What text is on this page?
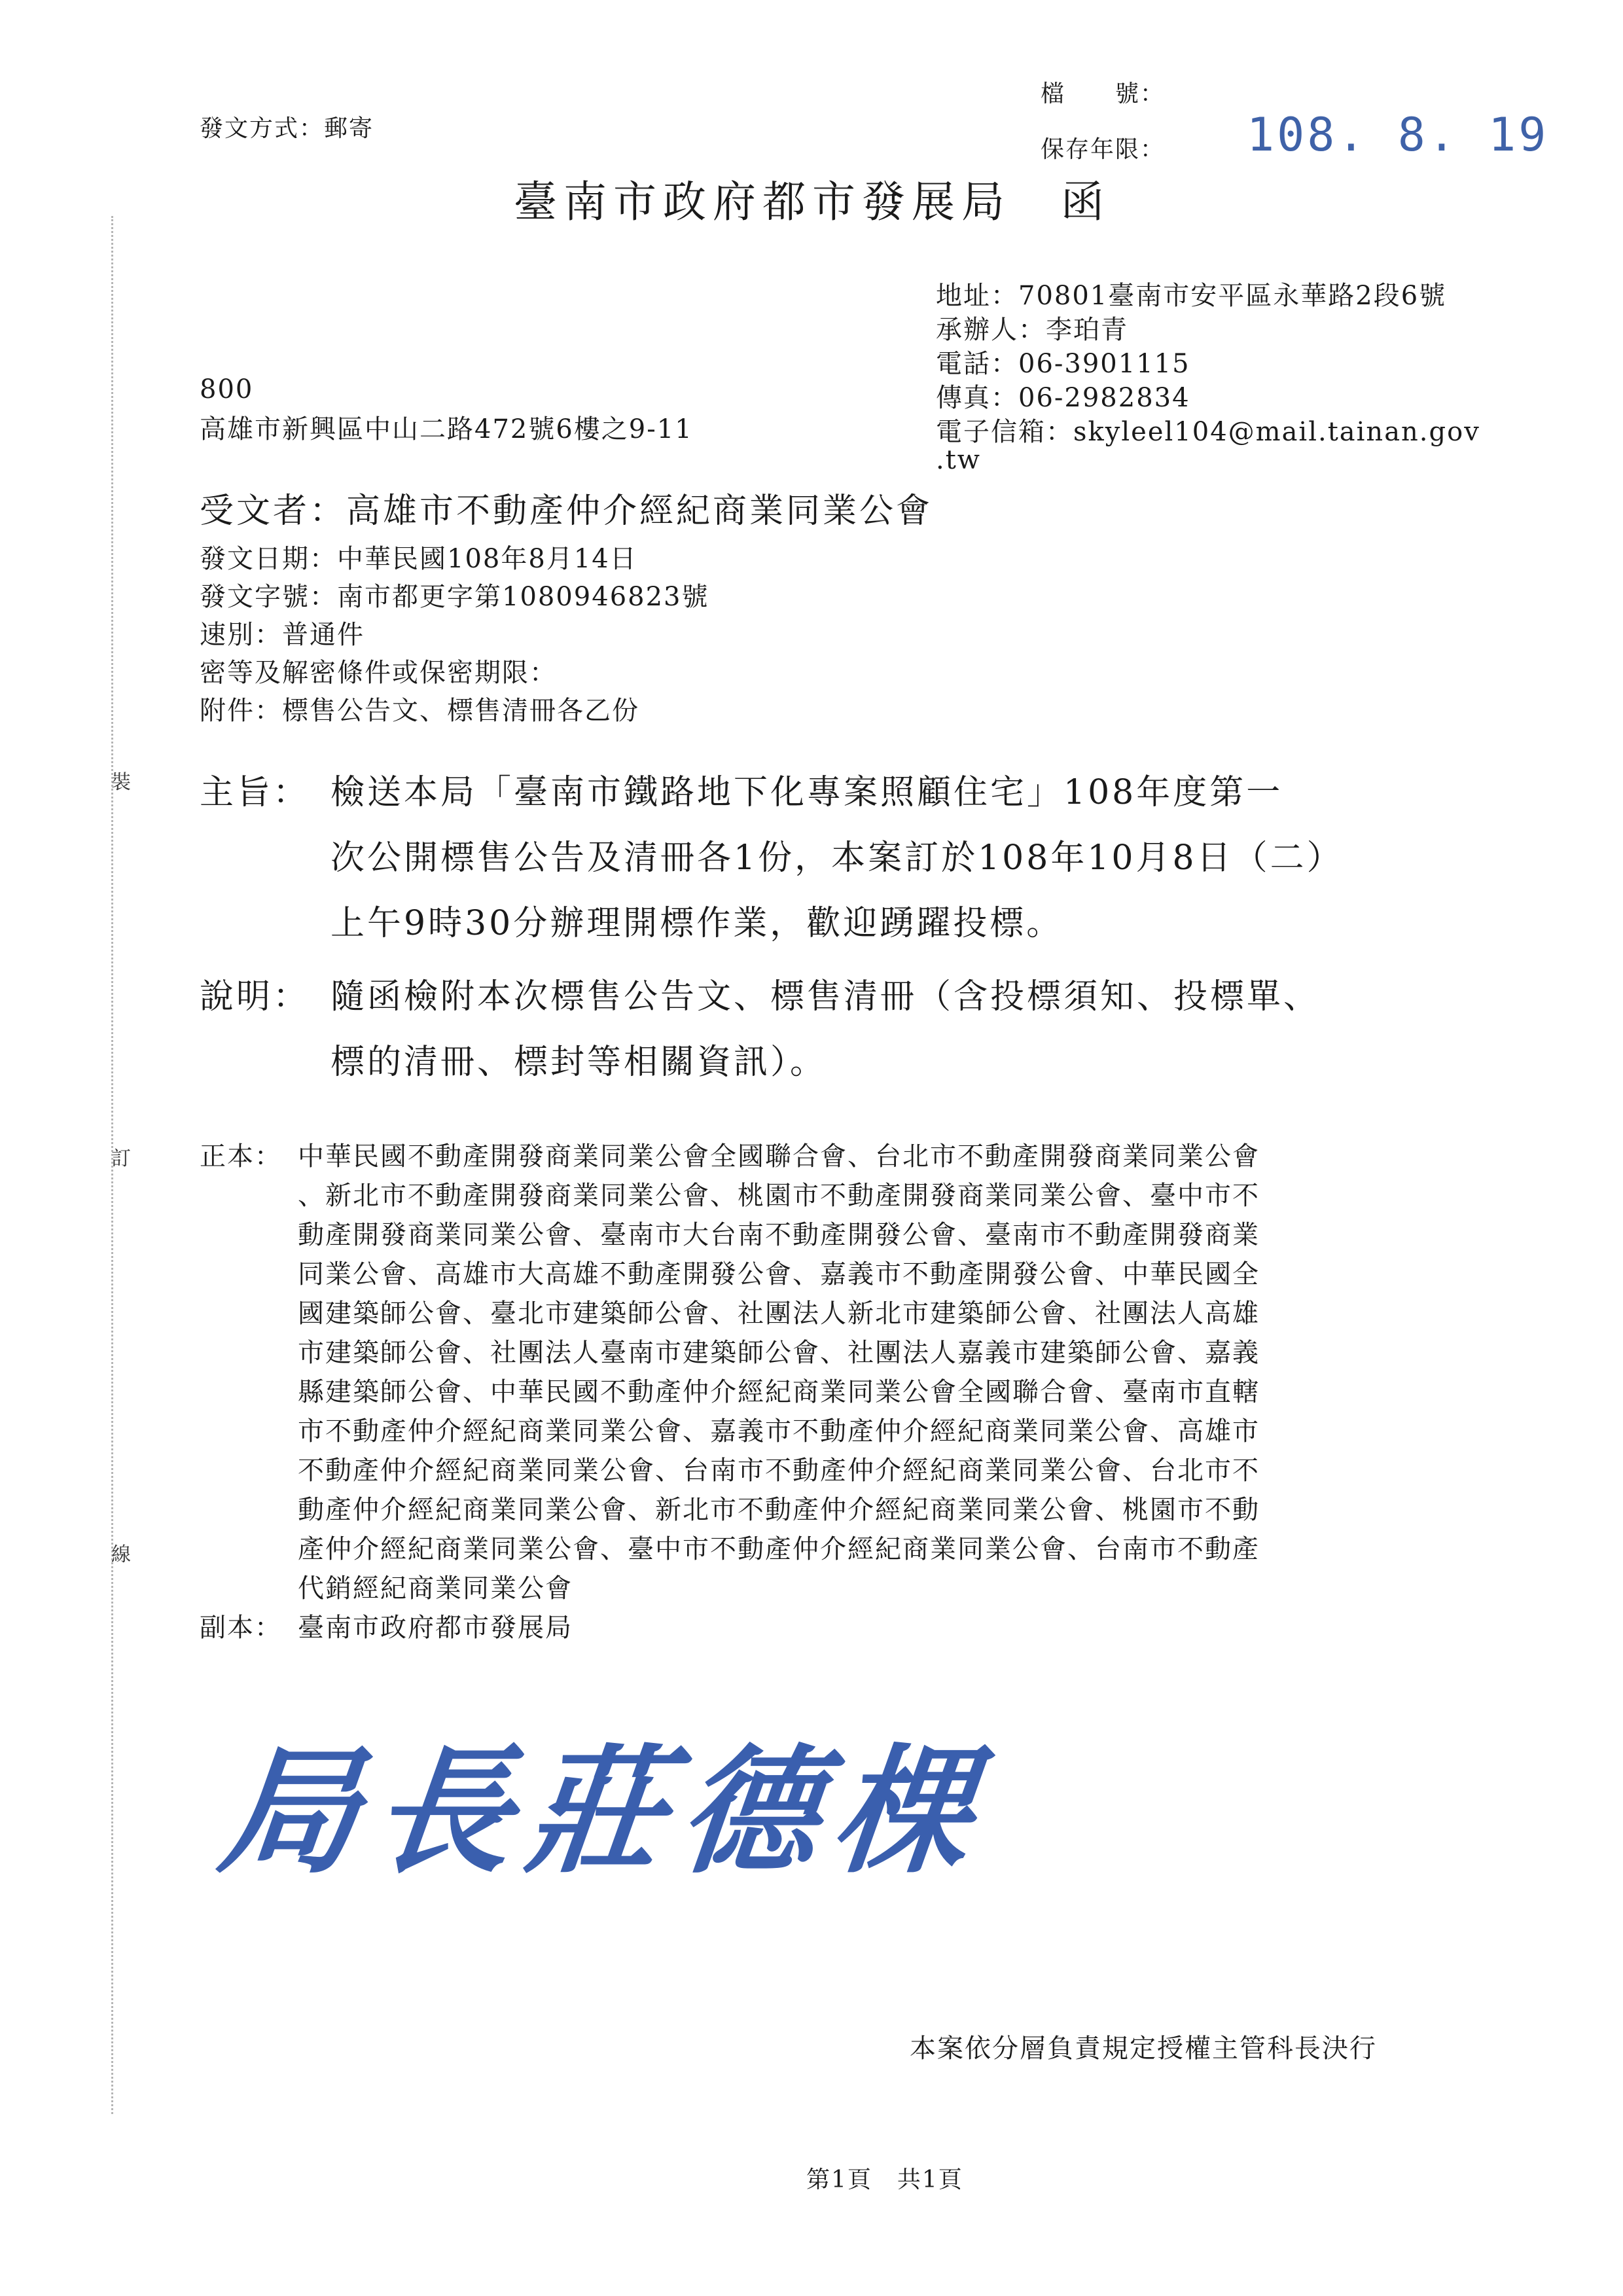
裝
訂
線
發文方式：郵寄
檔　　號：
保存年限： 108. 8. 19
臺南市政府都市發展局　函
地址：70801臺南市安平區永華路2段6號
承辦人：李珀青
電話：06-3901115
傳真：06-2982834
電子信箱：skyleel104@mail.tainan.gov
.tw
800
高雄市新興區中山二路472號6樓之9-11
受文者：高雄市不動產仲介經紀商業同業公會
發文日期：中華民國108年8月14日
發文字號：南市都更字第1080946823號
速別：普通件
密等及解密條件或保密期限：
附件：標售公告文、標售清冊各乙份
主旨： 檢送本局「臺南市鐵路地下化專案照顧住宅」108年度第一
次公開標售公告及清冊各1份，本案訂於108年10月8日（二）
上午9時30分辦理開標作業，歡迎踴躍投標。
說明： 隨函檢附本次標售公告文、標售清冊（含投標須知、投標單、
標的清冊、標封等相關資訊）。
正本： 中華民國不動產開發商業同業公會全國聯合會、台北市不動產開發商業同業公會
、新北市不動產開發商業同業公會、桃園市不動產開發商業同業公會、臺中市不
動產開發商業同業公會、臺南市大台南不動產開發公會、臺南市不動產開發商業
同業公會、高雄市大高雄不動產開發公會、嘉義市不動產開發公會、中華民國全
國建築師公會、臺北市建築師公會、社團法人新北市建築師公會、社團法人高雄
市建築師公會、社團法人臺南市建築師公會、社團法人嘉義市建築師公會、嘉義
縣建築師公會、中華民國不動產仲介經紀商業同業公會全國聯合會、臺南市直轄
市不動產仲介經紀商業同業公會、嘉義市不動產仲介經紀商業同業公會、高雄市
不動產仲介經紀商業同業公會、台南市不動產仲介經紀商業同業公會、台北市不
動產仲介經紀商業同業公會、新北市不動產仲介經紀商業同業公會、桃園市不動
產仲介經紀商業同業公會、臺中市不動產仲介經紀商業同業公會、台南市不動產
代銷經紀商業同業公會
副本： 臺南市政府都市發展局
局長莊德棵
本案依分層負責規定授權主管科長決行
第1頁　共1頁
